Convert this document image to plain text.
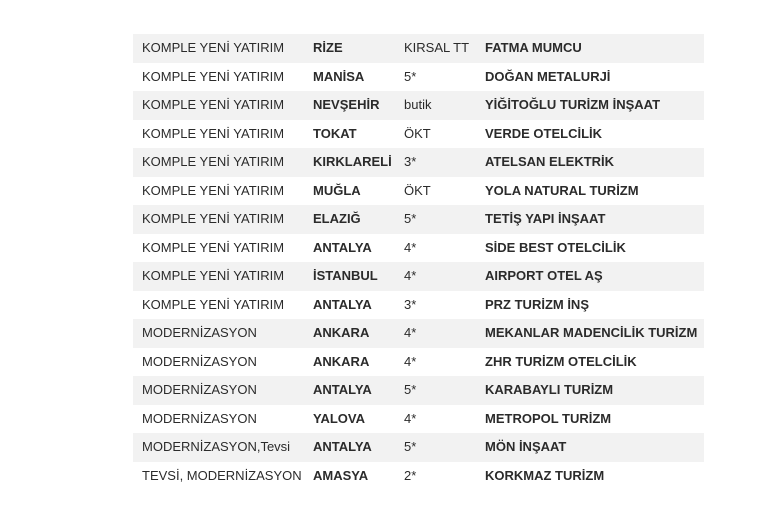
KOMPLE YENİ YATIRIM	RİZE	KIRSAL TT	FATMA MUMCU
KOMPLE YENİ YATIRIM	MANİSA	5*	DOĞAN METALURJİ
KOMPLE YENİ YATIRIM	NEVŞEHİR	butik	YİĞİTOĞLU TURİZM İNŞAAT
KOMPLE YENİ YATIRIM	TOKAT	ÖKT	VERDE OTELCİLİK
KOMPLE YENİ YATIRIM	KIRKLARELİ	3*	ATELSAN ELEKTRİK
KOMPLE YENİ YATIRIM	MUĞLA	ÖKT	YOLA NATURAL TURİZM
KOMPLE YENİ YATIRIM	ELAZIĞ	5*	TETİŞ YAPI İNŞAAT
KOMPLE YENİ YATIRIM	ANTALYA	4*	SİDE BEST OTELCİLİK
KOMPLE YENİ YATIRIM	İSTANBUL	4*	AIRPORT OTEL AŞ
KOMPLE YENİ YATIRIM	ANTALYA	3*	PRZ TURİZM İNŞ
MODERNİZASYON	ANKARA	4*	MEKANLAR MADENCİLİK TURİZM
MODERNİZASYON	ANKARA	4*	ZHR TURİZM OTELCİLİK
MODERNİZASYON	ANTALYA	5*	KARABAYLI TURİZM
MODERNİZASYON	YALOVA	4*	METROPOL TURİZM
MODERNİZASYON,Tevsi	ANTALYA	5*	MÖN İNŞAAT
TEVSİ, MODERNİZASYON	AMASYA	2*	KORKMAZ TURİZM
